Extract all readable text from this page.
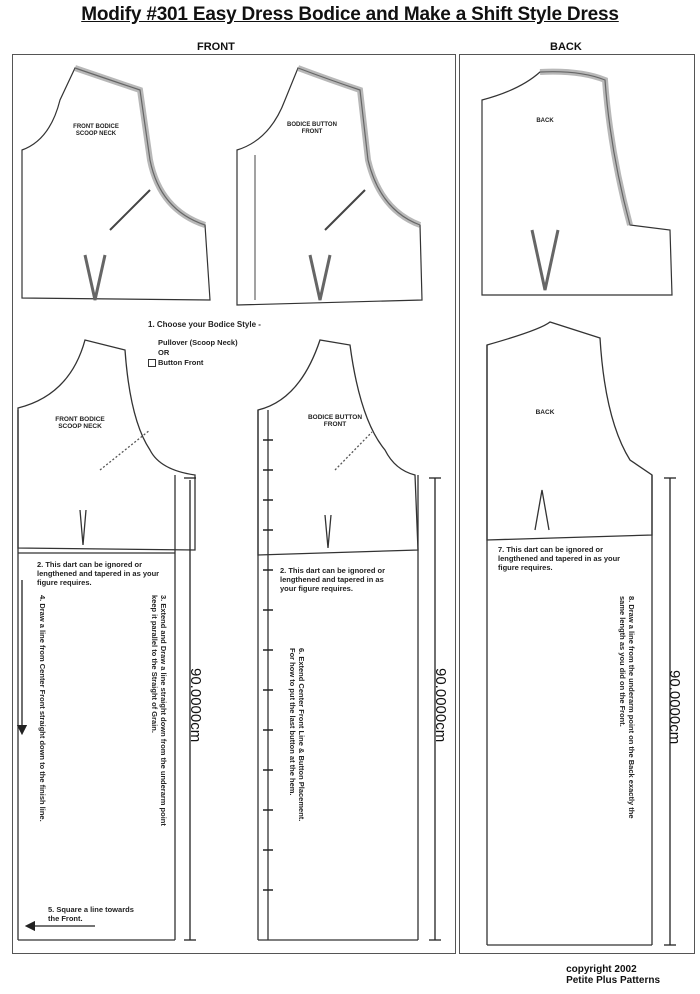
Modify #301 Easy Dress Bodice and Make a Shift Style Dress
FRONT	BACK
FRONT BODICE SCOOP NECK
BODICE BUTTON FRONT
BACK
FRONT BODICE SCOOP NECK
BODICE BUTTON FRONT
BACK
1. Choose your Bodice Style -
Pullover (Scoop Neck)
OR
Button Front
2. This dart can be ignored or lengthened and tapered in as your figure requires.
2. This dart can be ignored or lengthened and tapered in as your figure requires.
7. This dart can be ignored or lengthened and tapered in as your figure requires.
4. Draw a line from Center Front straight down to the finish line.	3. Extend and Draw a line straight down from the underarm point keep it parallel to the Straight of Grain.	6. Extend Center Front Line & Button Placement. For how to put the last button at the hem.	8. Draw a line from the underarm point on the Back exactly the same length as you did on the Front.
5. Square a line towards the Front.
90.0000cm	90.0000cm	90.0000cm
copyright 2002
Petite Plus Patterns
